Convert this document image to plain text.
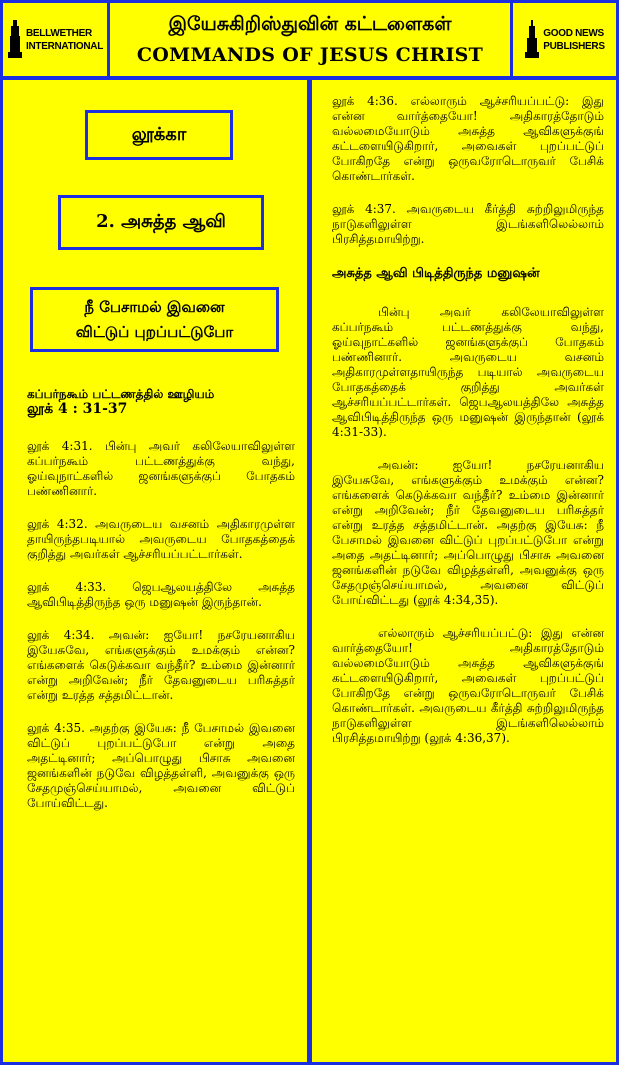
BELLWETHER
INTERNATIONAL
இயேசுகிறிஸ்துவின் கட்டளைகள்
COMMANDS OF JESUS CHRIST
GOOD NEWS
PUBLISHERS
லூக்கா
2. அசுத்த ஆவி
நீ பேசாமல் இவனை
விட்டுப் புறப்பட்டுபோ

கப்பர்நகூம் பட்டணத்தில் ஊழியம்
லூக் 4 : 31-37

லூக் 4:31. பின்பு அவர் கலிலேயாவிலுள்ள கப்பர்நகூம் பட்டணத்துக்கு வந்து, ஓய்வுநாட்களில் ஜனங்களுக்குப் போதகம் பண்ணினார்.

லூக் 4:32. அவருடைய வசனம் அதிகாரமுள்ள தாயிருந்தபடியால் அவருடைய போதகத்தைக் குறித்து அவர்கள் ஆச்சரியப்பட்டார்கள்.

லூக் 4:33. ஜெபஆலயத்திலே அசுத்த ஆவிபிடித்திருந்த ஒரு மனுஷன் இருந்தான்.

லூக் 4:34. அவன்: ஐயோ! நசரேயனாகிய இயேசுவே, எங்களுக்கும் உமக்கும் என்ன? எங்களைக் கெடுக்கவா வந்தீர்? உம்மை இன்னார் என்று அறிவேன்; நீர் தேவனுடைய பரிசுத்தர் என்று உரத்த சத்தமிட்டான்.

லூக் 4:35. அதற்கு இயேசு: நீ பேசாமல் இவனை விட்டுப் புறப்பட்டுபோ என்று அதை அதட்டினார்; அப்பொழுது பிசாசு அவனை ஜனங்களின் நடுவே விழத்தள்ளி, அவனுக்கு ஒரு சேதமுஞ்செய்யாமல், அவனை விட்டுப் போய்விட்டது.

லூக் 4:36. எல்லாரும் ஆச்சரியப்பட்டு: இது என்ன வார்த்தையோ! அதிகாரத்தோடும் வல்லமையோடும் அசுத்த ஆவிகளுக்குங் கட்டளையிடுகிறார், அவைகள் புறப்பட்டுப் போகிறதே என்று ஒருவரோடொருவர் பேசிக் கொண்டார்கள்.

லூக் 4:37. அவருடைய கீர்த்தி சுற்றிலுமிருந்த நாடுகளிலுள்ள இடங்களிலெல்லாம் பிரசித்தமாயிற்று.

அசுத்த ஆவி பிடித்திருந்த மனுஷன்

பின்பு அவர் கலிலேயாவிலுள்ள கப்பர்நகூம் பட்டணத்துக்கு வந்து, ஓய்வுநாட்களில் ஜனங்களுக்குப் போதகம் பண்ணினார். அவருடைய வசனம் அதிகாரமுள்ளதாயிருந்த படியால் அவருடைய போதகத்தைக் குறித்து அவர்கள் ஆச்சரியப்பட்டார்கள். ஜெபஆலயத்திலே அசுத்த ஆவிபிடித்திருந்த ஒரு மனுஷன் இருந்தான் (லூக் 4:31-33).

அவன்: ஐயோ! நசரேயனாகிய இயேசுவே, எங்களுக்கும் உமக்கும் என்ன? எங்களைக் கெடுக்கவா வந்தீர்? உம்மை இன்னார் என்று அறிவேன்; நீர் தேவனுடைய பரிசுத்தர் என்று உரத்த சத்தமிட்டான். அதற்கு இயேசு: நீ பேசாமல் இவனை விட்டுப் புறப்பட்டுபோ என்று அதை அதட்டினார்; அப்பொழுது பிசாசு அவனை ஜனங்களின் நடுவே விழத்தள்ளி, அவனுக்கு ஒரு சேதமுஞ்செய்யாமல், அவனை விட்டுப் போய்விட்டது (லூக் 4:34,35).

எல்லாரும் ஆச்சரியப்பட்டு: இது என்ன வார்த்தையோ! அதிகாரத்தோடும் வல்லமையோடும் அசுத்த ஆவிகளுக்குங் கட்டளையிடுகிறார், அவைகள் புறப்பட்டுப் போகிறதே என்று ஒருவரோடொருவர் பேசிக் கொண்டார்கள். அவருடைய கீர்த்தி சுற்றிலுமிருந்த நாடுகளிலுள்ள இடங்களிலெல்லாம் பிரசித்தமாயிற்று (லூக் 4:36,37).
